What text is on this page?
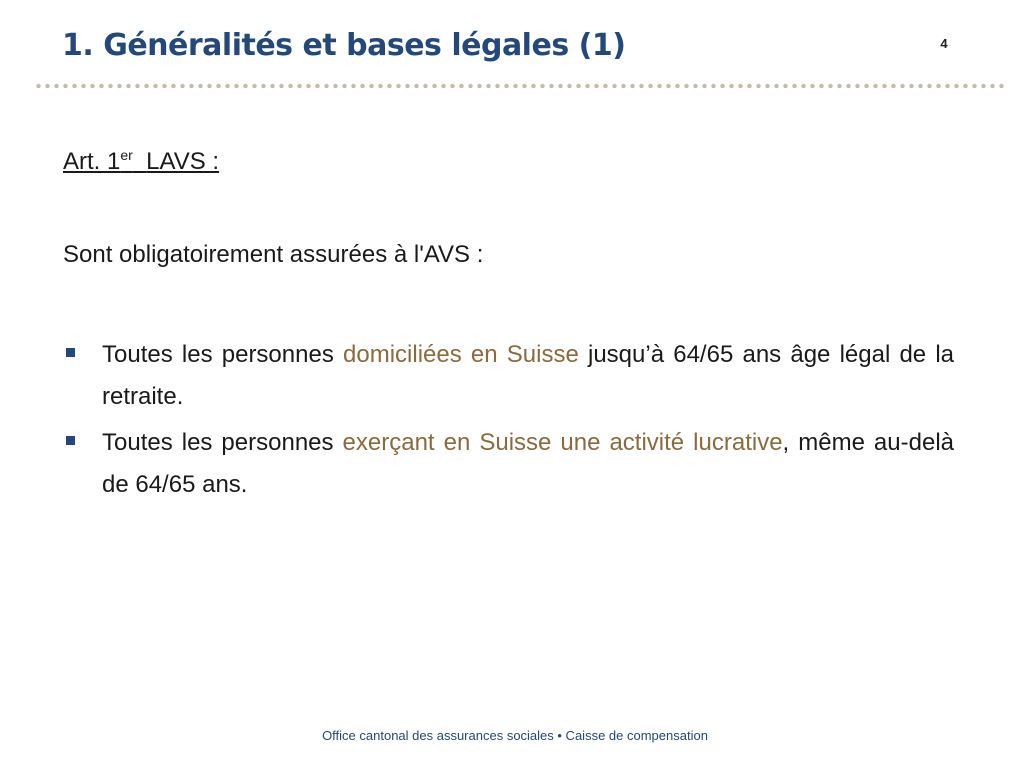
1. Généralités et bases légales (1)	4
Art. 1er LAVS :
Sont obligatoirement assurées à l'AVS :
Toutes les personnes domiciliées en Suisse jusqu’à 64/65 ans âge légal de la retraite.
Toutes les personnes exerçant en Suisse une activité lucrative, même au-delà de 64/65 ans.
Office cantonal des assurances sociales • Caisse de compensation
